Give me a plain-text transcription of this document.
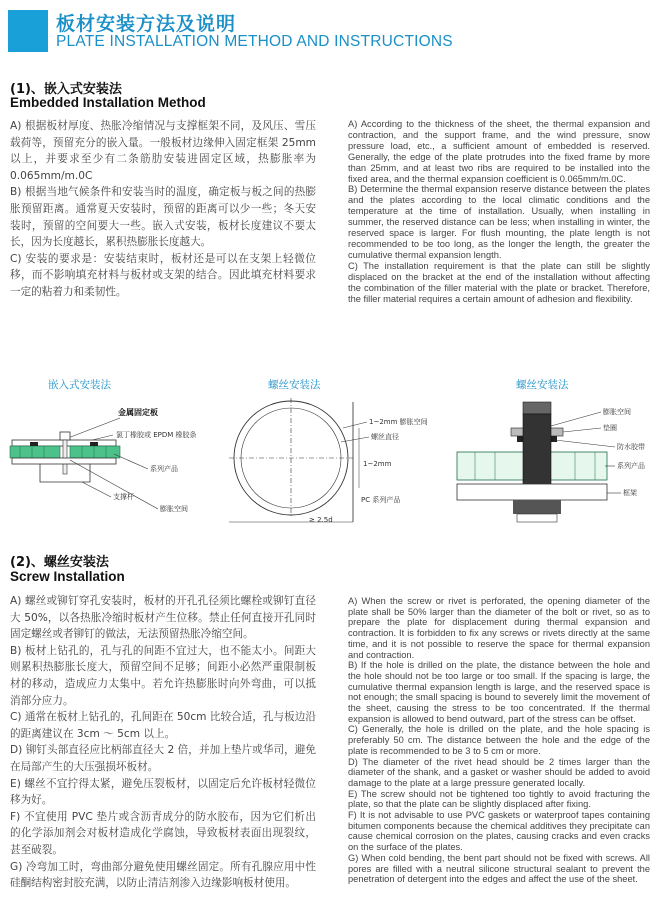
板材安装方法及说明
PLATE INSTALLATION METHOD AND INSTRUCTIONS
(1)、嵌入式安装法
Embedded Installation Method

A) 根据板材厚度、热胀冷缩情况与支撑框架不同，及风压、雪压载荷等，预留充分的嵌入量。一般板材边缘伸入固定框架 25mm 以上，并要求至少有二条筋肋安装进固定区域，热膨胀率为 0.065mm/m.0C

B) 根据当地气候条件和安装当时的温度，确定板与板之间的热膨胀预留距离。通常夏天安装时，预留的距离可以少一些；冬天安装时，预留的空间要大一些。嵌入式安装，板材长度建议不要太长，因为长度越长，累积热膨胀长度越大。

C) 安装的要求是：安装结束时，板材还是可以在支架上轻微位移，而不影响填充材料与板材或支架的结合。因此填充材料要求一定的粘着力和柔韧性。

A) According to the thickness of the sheet, the thermal expansion and contraction, and the support frame, and the wind pressure, snow pressure load, etc., a sufficient amount of embedded is reserved. Generally, the edge of the plate protrudes into the fixed frame by more than 25mm, and at least two ribs are required to be installed into the fixed area, and the thermal expansion coefficient is 0.065mm/m.0C.

B) Determine the thermal expansion reserve distance between the plates and the plates according to the local climatic conditions and the temperature at the time of installation. Usually, when installing in summer, the reserved distance can be less; when installing in winter, the reserved space is larger. For flush mounting, the plate length is not recommended to be too long, as the longer the length, the greater the cumulative thermal expansion length.

C) The installation requirement is that the plate can still be slightly displaced on the bracket at the end of the installation without affecting the combination of the filler material with the plate or bracket. Therefore, the filler material requires a certain amount of adhesion and flexibility.

嵌入式安装法	螺丝安装法	螺丝安装法
金属固定板
氯丁橡胶或 EPDM 橡胶条
系列产品
支撑杆
膨胀空间
1~2mm 膨胀空间
螺丝直径
1~2mm
PC 系列产品
≥ 2.5d
膨胀空间
垫圈
防水胶带
系列产品
框架
(2)、螺丝安装法
Screw Installation

A) 螺丝或铆钉穿孔安装时，板材的开孔孔径须比螺栓或铆钉直径大 50%，以各热胀冷缩时板材产生位移。禁止任何直接开孔同时固定螺丝或者铆钉的做法，无法预留热胀冷缩空间。

B) 板材上钻孔的，孔与孔的间距不宜过大，也不能太小。间距大则累积热膨胀长度大，预留空间不足够；间距小必然严重限制板材的移动，造成应力太集中。若允许热膨胀时向外弯曲，可以抵消部分应力。

C) 通常在板材上钻孔的，孔间距在 50cm 比较合适，孔与板边沿的距离建议在 3cm ～ 5cm 以上。

D) 铆钉头部直径应比柄部直径大 2 倍，并加上垫片或华司，避免在局部产生的大压强损坏板材。

E) 螺丝不宜拧得太紧，避免压裂板材，以固定后允许板材轻微位移为好。

F) 不宜使用 PVC 垫片或含沥青成分的防水胶布，因为它们析出的化学添加剂会对板材造成化学腐蚀，导致板材表面出现裂纹，甚至破裂。

G) 冷弯加工时，弯曲部分避免使用螺丝固定。所有孔腺应用中性硅酮结构密封胶充满，以防止清洁剂渗入边缘影响板材使用。

A) When the screw or rivet is perforated, the opening diameter of the plate shall be 50% larger than the diameter of the bolt or rivet, so as to prepare the plate for displacement during thermal expansion and contraction. It is forbidden to fix any screws or rivets directly at the same time, and it is not possible to reserve the space for thermal expansion and contraction.

B) If the hole is drilled on the plate, the distance between the hole and the hole should not be too large or too small. If the spacing is large, the cumulative thermal expansion length is large, and the reserved space is not enough; the small spacing is bound to severely limit the movement of the sheet, causing the stress to be too concentrated. If the thermal expansion is allowed to bend outward, part of the stress can be offset.

C) Generally, the hole is drilled on the plate, and the hole spacing is preferably 50 cm. The distance between the hole and the edge of the plate is recommended to be 3 to 5 cm or more.

D) The diameter of the rivet head should be 2 times larger than the diameter of the shank, and a gasket or washer should be added to avoid damage to the plate at a large pressure generated locally.

E) The screw should not be tightened too tightly to avoid fracturing the plate, so that the plate can be slightly displaced after fixing.

F) It is not advisable to use PVC gaskets or waterproof tapes containing bitumen components because the chemical additives they precipitate can cause chemical corrosion on the plates, causing cracks and even cracks on the surface of the plates.

G) When cold bending, the bent part should not be fixed with screws. All pores are filled with a neutral silicone structural sealant to prevent the penetration of detergent into the edges and affect the use of the sheet.
